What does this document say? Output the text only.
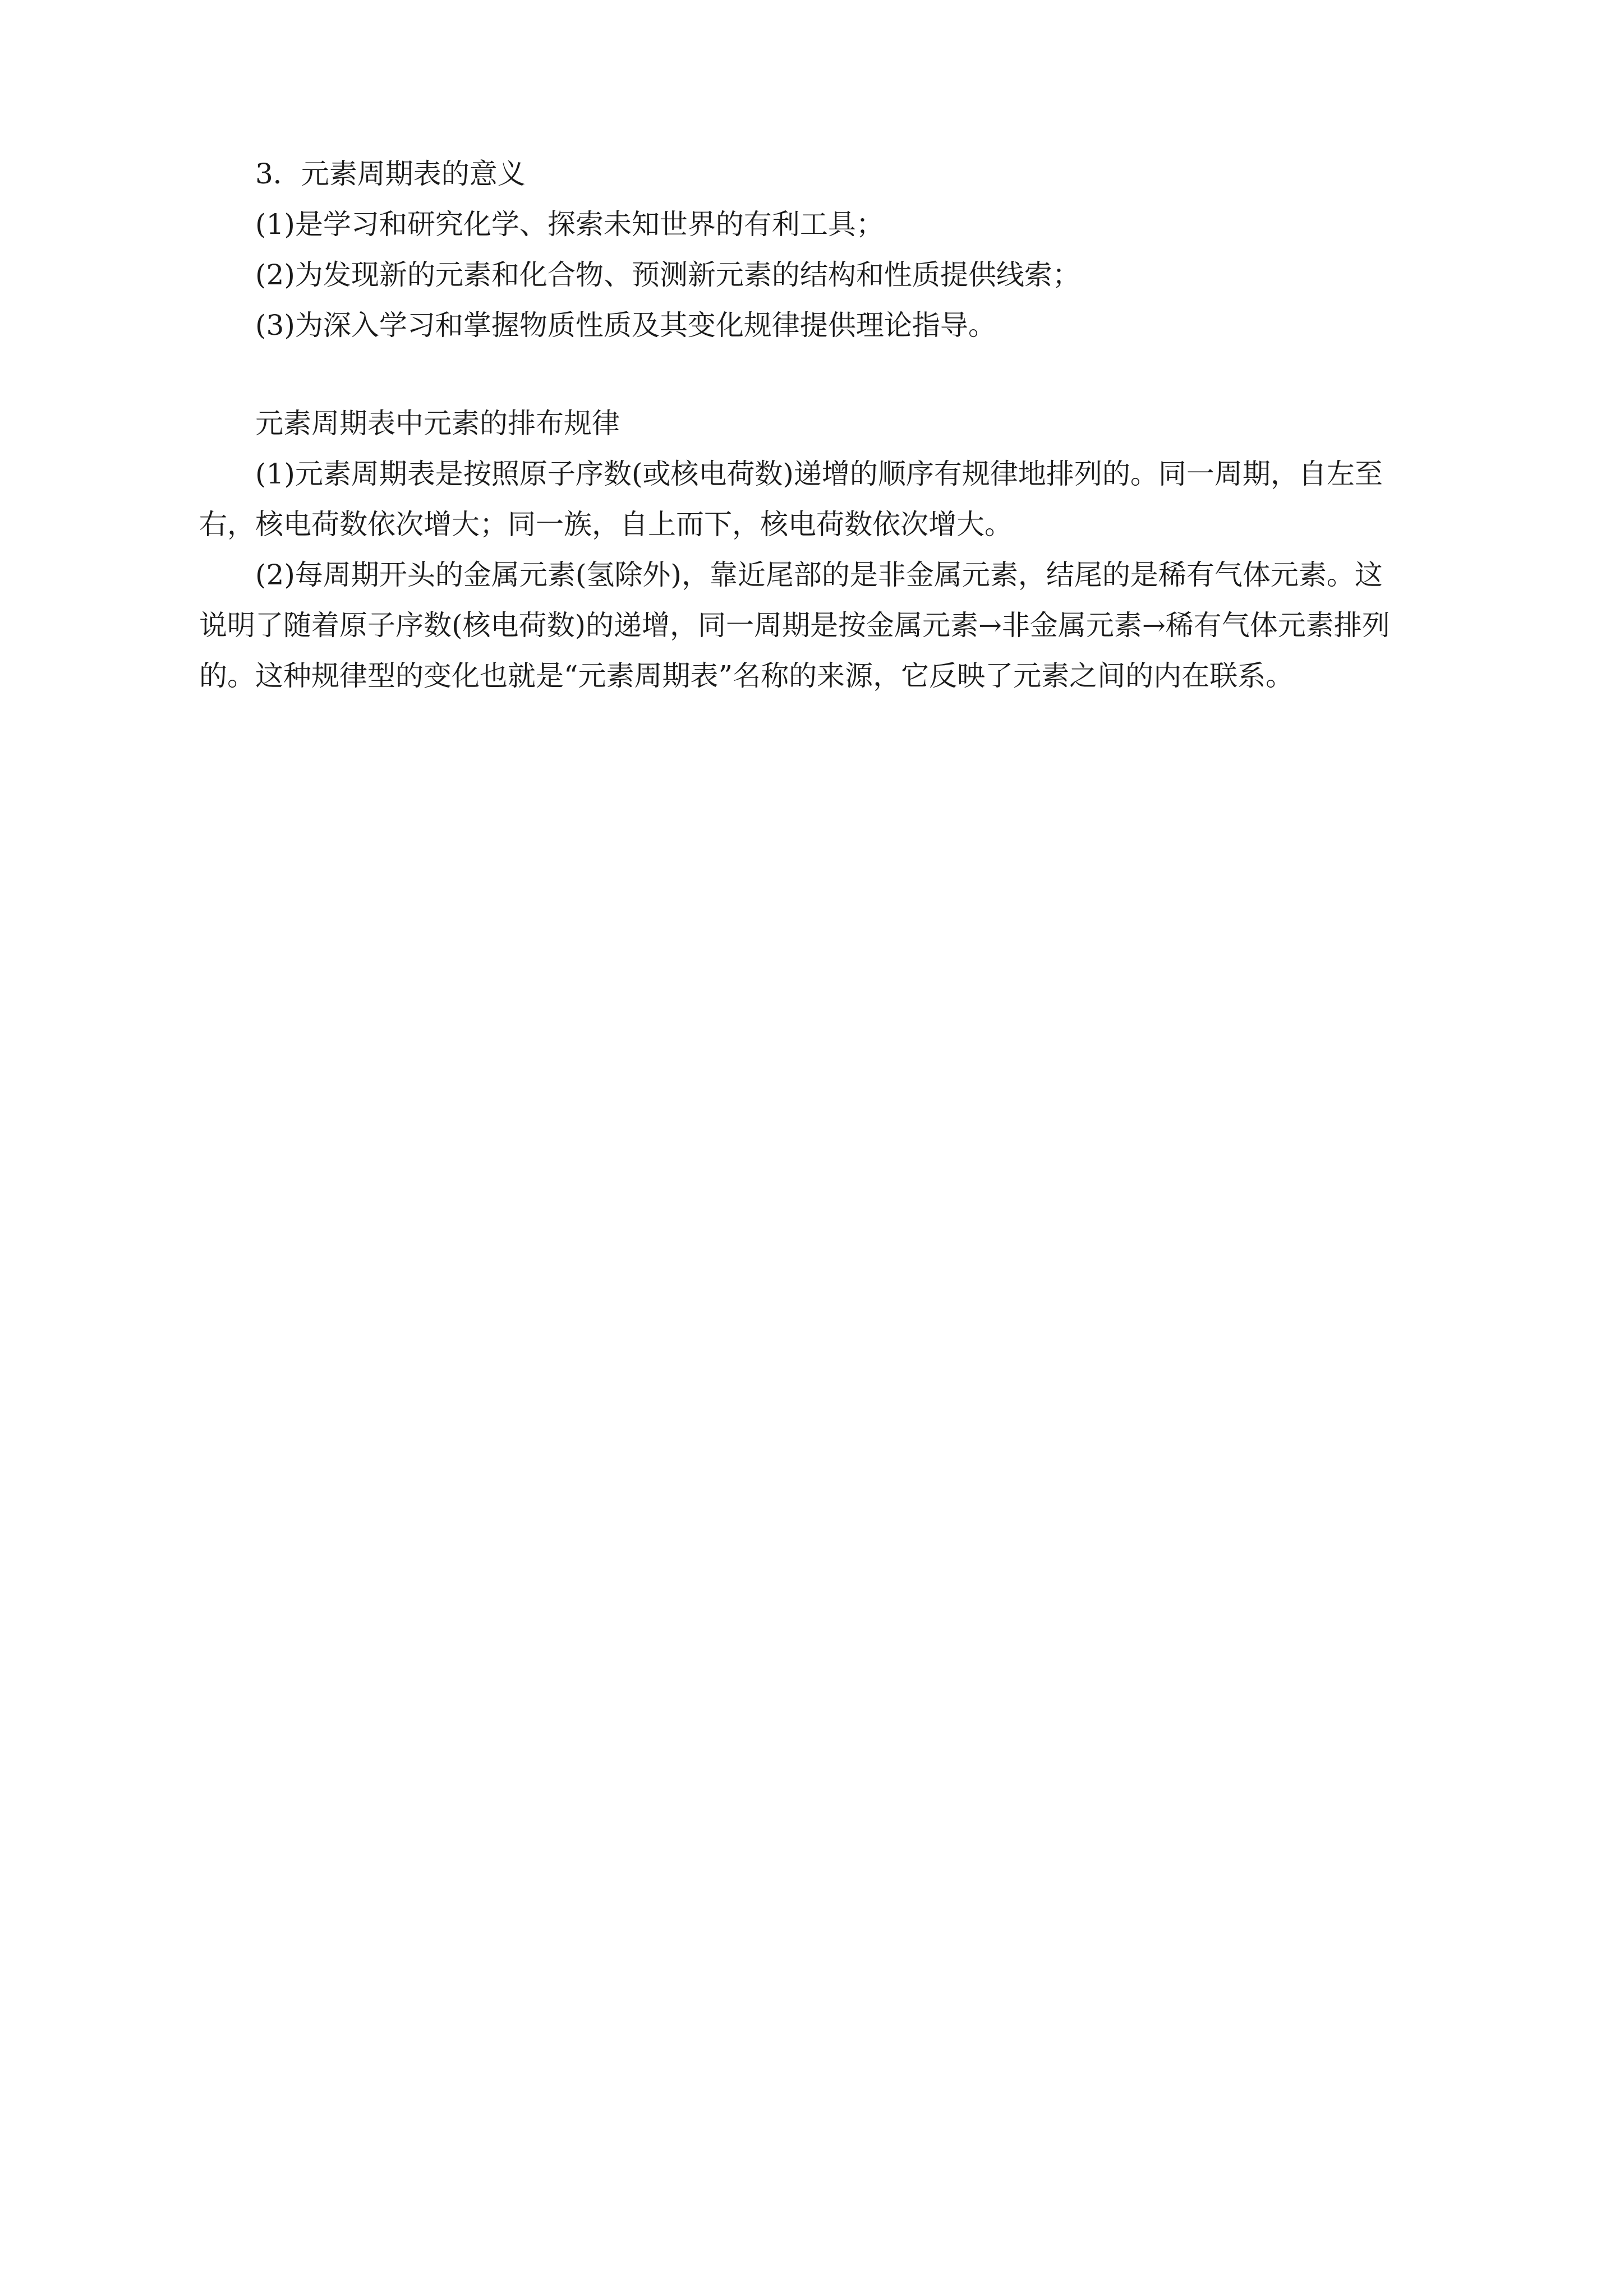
3．元素周期表的意义
(1)是学习和研究化学、探索未知世界的有利工具；
(2)为发现新的元素和化合物、预测新元素的结构和性质提供线索；
(3)为深入学习和掌握物质性质及其变化规律提供理论指导。
元素周期表中元素的排布规律
(1)元素周期表是按照原子序数(或核电荷数)递增的顺序有规律地排列的。同一周期，自左至
右，核电荷数依次增大；同一族，自上而下，核电荷数依次增大。
(2)每周期开头的金属元素(氢除外)，靠近尾部的是非金属元素，结尾的是稀有气体元素。这
说明了随着原子序数(核电荷数)的递增，同一周期是按金属元素→非金属元素→稀有气体元素排列
的。这种规律型的变化也就是“元素周期表”名称的来源，它反映了元素之间的内在联系。
